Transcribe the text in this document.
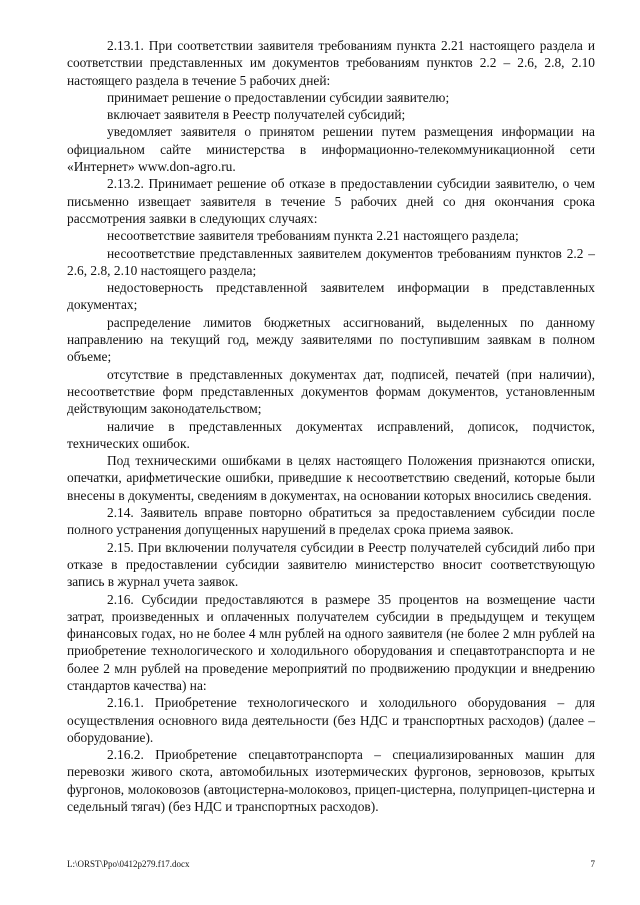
2.13.1. При соответствии заявителя требованиям пункта 2.21 настоящего раздела и соответствии представленных им документов требованиям пунктов 2.2 – 2.6, 2.8, 2.10 настоящего раздела в течение 5 рабочих дней:

принимает решение о предоставлении субсидии заявителю;

включает заявителя в Реестр получателей субсидий;

уведомляет заявителя о принятом решении путем размещения информации на официальном сайте министерства в информационно-телекоммуникационной сети «Интернет» www.don-agro.ru.

2.13.2. Принимает решение об отказе в предоставлении субсидии заявителю, о чем письменно извещает заявителя в течение 5 рабочих дней со дня окончания срока рассмотрения заявки в следующих случаях:

несоответствие заявителя требованиям пункта 2.21 настоящего раздела;

несоответствие представленных заявителем документов требованиям пунктов 2.2 – 2.6, 2.8, 2.10 настоящего раздела;

недостоверность представленной заявителем информации в представленных документах;

распределение лимитов бюджетных ассигнований, выделенных по данному направлению на текущий год, между заявителями по поступившим заявкам в полном объеме;

отсутствие в представленных документах дат, подписей, печатей (при наличии), несоответствие форм представленных документов формам документов, установленным действующим законодательством;

наличие в представленных документах исправлений, дописок, подчисток, технических ошибок.

Под техническими ошибками в целях настоящего Положения признаются описки, опечатки, арифметические ошибки, приведшие к несоответствию сведений, которые были внесены в документы, сведениям в документах, на основании которых вносились сведения.

2.14. Заявитель вправе повторно обратиться за предоставлением субсидии после полного устранения допущенных нарушений в пределах срока приема заявок.

2.15. При включении получателя субсидии в Реестр получателей субсидий либо при отказе в предоставлении субсидии заявителю министерство вносит соответствующую запись в журнал учета заявок.

2.16. Субсидии предоставляются в размере 35 процентов на возмещение части затрат, произведенных и оплаченных получателем субсидии в предыдущем и текущем финансовых годах, но не более 4 млн рублей на одного заявителя (не более 2 млн рублей на приобретение технологического и холодильного оборудования и спецавтотранспорта и не более 2 млн рублей на проведение мероприятий по продвижению продукции и внедрению стандартов качества) на:

2.16.1. Приобретение технологического и холодильного оборудования – для осуществления основного вида деятельности (без НДС и транспортных расходов) (далее – оборудование).

2.16.2. Приобретение спецавтотранспорта – специализированных машин для перевозки живого скота, автомобильных изотермических фургонов, зерновозов, крытых фургонов, молоковозов (автоцистерна-молоковоз, прицеп-цистерна, полуприцеп-цистерна и седельный тягач) (без НДС и транспортных расходов).

L:\ORST\Ppo\0412p279.f17.docx	7
